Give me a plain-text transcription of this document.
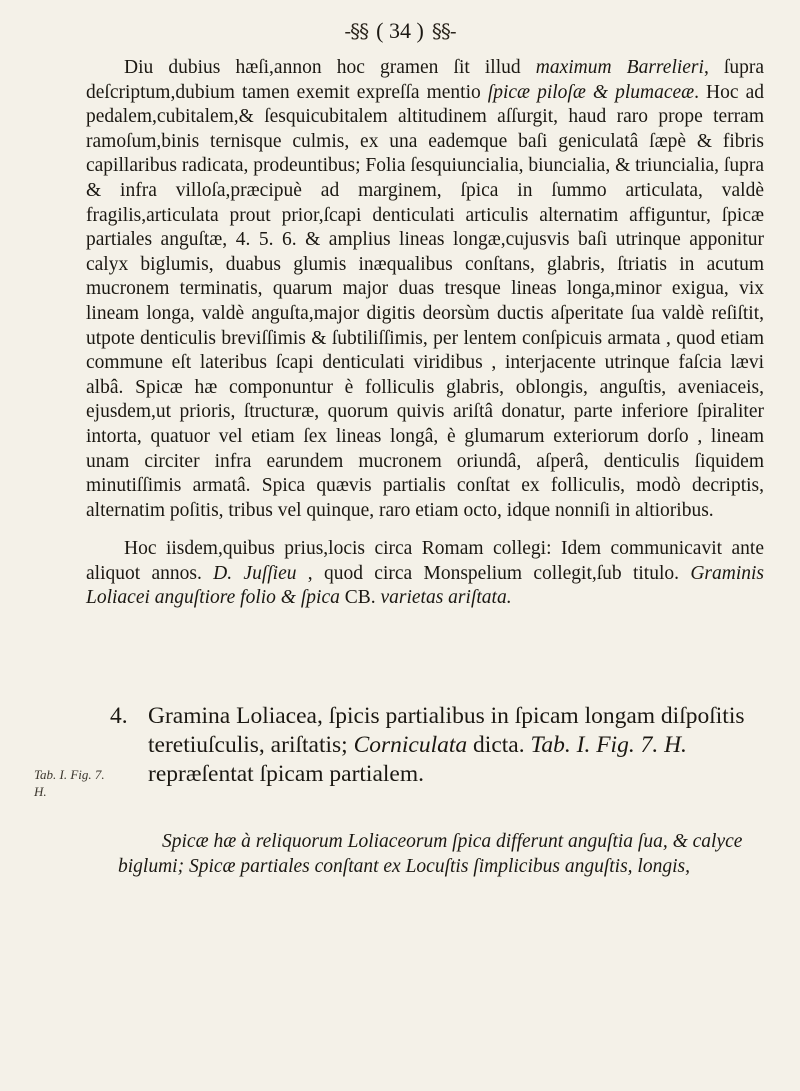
-§§ ( 34 ) §§-

Diu dubius hæſi,annon hoc gramen ſit illud maximum Barrelieri, ſupra deſcriptum,dubium tamen exemit expreſſa mentio ſpicæ piloſæ & plumaceæ. Hoc ad pedalem,cubitalem,& ſesquicubitalem altitudinem aſſurgit, haud raro prope terram ramoſum,binis ternisque culmis, ex una eademque baſi geniculatâ ſæpè & fibris capillaribus radicata, prodeuntibus; Folia ſesquiuncialia, biuncialia, & triuncialia, ſupra & infra villoſa,præcipuè ad marginem, ſpica in ſummo articulata, valdè fragilis,articulata prout prior,ſcapi denticulati articulis alternatim affiguntur, ſpicæ partiales anguſtæ, 4. 5. 6. & amplius lineas longæ,cujusvis baſi utrinque apponitur calyx biglumis, duabus glumis inæqualibus conſtans, glabris, ſtriatis in acutum mucronem terminatis, quarum major duas tresque lineas longa,minor exigua, vix lineam longa, valdè anguſta,major digitis deorsùm ductis aſperitate ſua valdè reſiſtit, utpote denticulis breviſſimis & ſubtiliſſimis, per lentem conſpicuis armata , quod etiam commune eſt lateribus ſcapi denticulati viridibus , interjacente utrinque faſcia lævi albâ. Spicæ hæ componuntur è folliculis glabris, oblongis, anguſtis, aveniaceis, ejusdem,ut prioris, ſtructuræ, quorum quivis ariſtâ donatur, parte inferiore ſpiraliter intorta, quatuor vel etiam ſex lineas longâ, è glumarum exteriorum dorſo , lineam unam circiter infra earundem mucronem oriundâ, aſperâ, denticulis ſiquidem minutiſſimis armatâ. Spica quævis partialis conſtat ex folliculis, modò decriptis, alternatim poſitis, tribus vel quinque, raro etiam octo, idque nonniſi in altioribus.

Hoc iisdem,quibus prius,locis circa Romam collegi: Idem communicavit ante aliquot annos. D. Juſſieu , quod circa Monspelium collegit,ſub titulo. Graminis Loliacei anguſtiore folio & ſpica CB. varietas ariſtata.

4. Gramina Loliacea, ſpicis partialibus in ſpicam longam diſpoſitis teretiuſculis, ariſtatis; Corniculata dicta. Tab. I. Fig. 7. H. repræſentat ſpicam partialem.
Tab. I. Fig. 7.
H.
Spicæ hæ à reliquorum Loliaceorum ſpica differunt anguſtia ſua, & calyce biglumi; Spicæ partiales conſtant ex Locuſtis ſimplicibus anguſtis, longis,
